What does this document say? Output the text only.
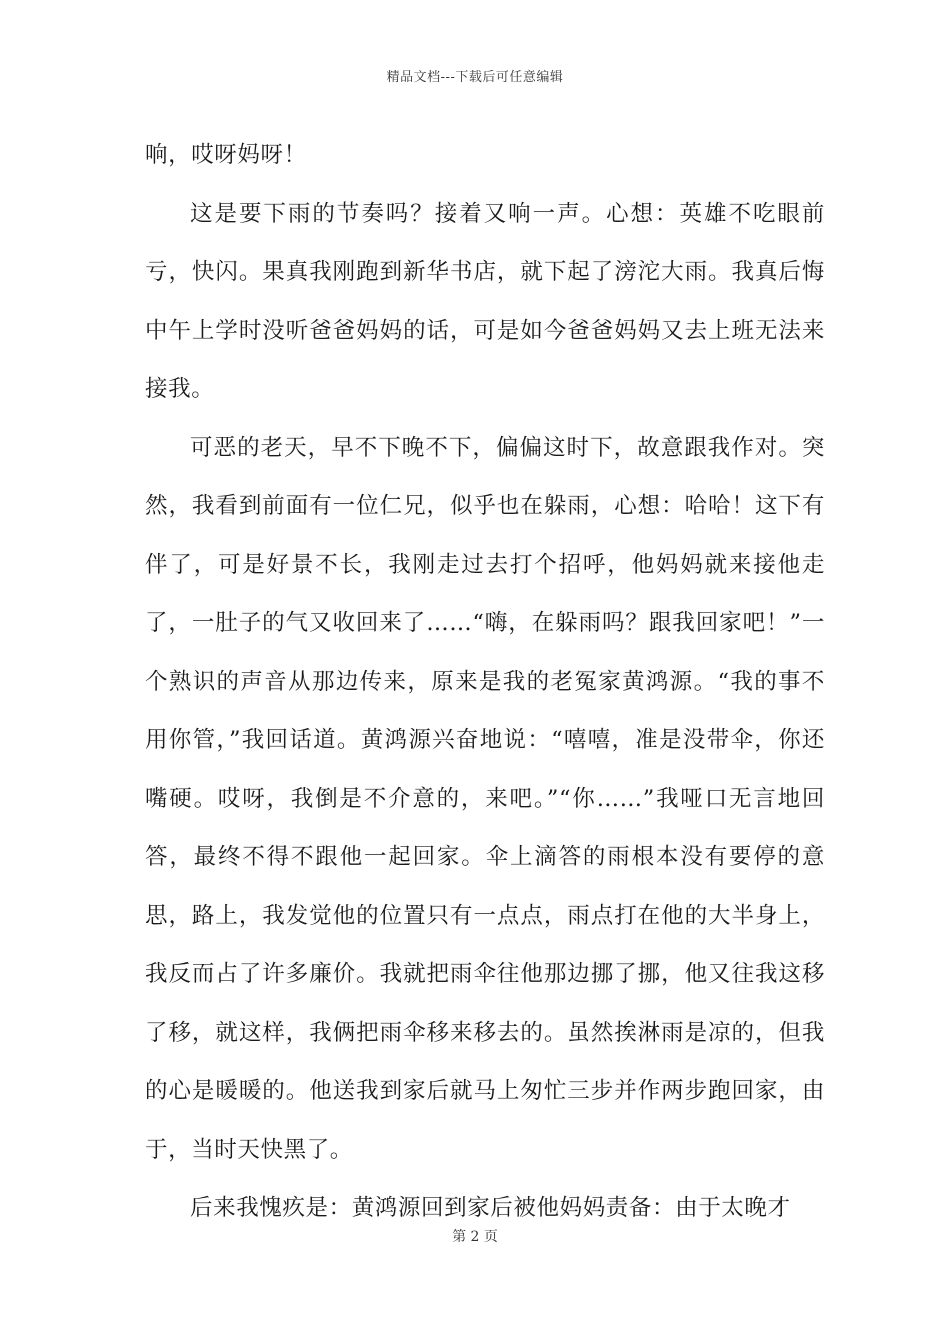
精品文档---下载后可任意编辑

响，哎呀妈呀！

这是要下雨的节奏吗？接着又响一声。心想：英雄不吃眼前亏，快闪。果真我刚跑到新华书店，就下起了滂沱大雨。我真后悔中午上学时没听爸爸妈妈的话，可是如今爸爸妈妈又去上班无法来接我。

可恶的老天，早不下晚不下，偏偏这时下，故意跟我作对。突然，我看到前面有一位仁兄，似乎也在躲雨，心想：哈哈！这下有伴了，可是好景不长，我刚走过去打个招呼，他妈妈就来接他走了，一肚子的气又收回来了……“嗨，在躲雨吗？跟我回家吧！”一个熟识的声音从那边传来，原来是我的老冤家黄鸿源。“我的事不用你管，”我回话道。黄鸿源兴奋地说：“嘻嘻，准是没带伞，你还嘴硬。哎呀，我倒是不介意的，来吧。”“你……”我哑口无言地回答，最终不得不跟他一起回家。伞上滴答的雨根本没有要停的意思，路上，我发觉他的位置只有一点点，雨点打在他的大半身上，我反而占了许多廉价。我就把雨伞往他那边挪了挪，他又往我这移了移，就这样，我俩把雨伞移来移去的。虽然挨淋雨是凉的，但我的心是暖暖的。他送我到家后就马上匆忙三步并作两步跑回家，由于，当时天快黑了。

后来我愧疚是：黄鸿源回到家后被他妈妈责备：由于太晚才

第 2 页
